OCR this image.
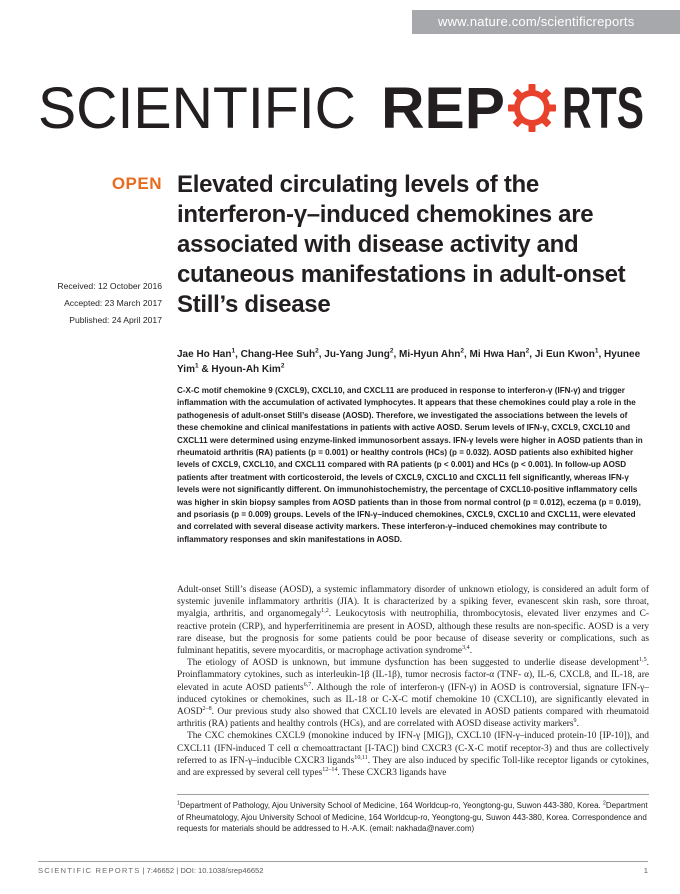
www.nature.com/scientificreports
SCIENTIFIC REP RTS
OPEN Elevated circulating levels of the interferon-γ–induced chemokines are associated with disease activity and cutaneous manifestations in adult-onset Still’s disease
Received: 12 October 2016
Accepted: 23 March 2017
Published: 24 April 2017
Jae Ho Han$^1$, Chang-Hee Suh$^2$, Ju-Yang Jung$^2$, Mi-Hyun Ahn$^2$, Mi Hwa Han$^2$, Ji Eun Kwon$^1$, Hyunee Yim$^1$ & Hyoun-Ah Kim$^2$

C-X-C motif chemokine 9 (CXCL9), CXCL10, and CXCL11 are produced in response to interferon-γ (IFN-γ) and trigger inflammation with the accumulation of activated lymphocytes. It appears that these chemokines could play a role in the pathogenesis of adult-onset Still’s disease (AOSD). Therefore, we investigated the associations between the levels of these chemokine and clinical manifestations in patients with active AOSD. Serum levels of IFN-γ, CXCL9, CXCL10 and CXCL11 were determined using enzyme-linked immunosorbent assays. IFN-γ levels were higher in AOSD patients than in rheumatoid arthritis (RA) patients (p = 0.001) or healthy controls (HCs) (p = 0.032). AOSD patients also exhibited higher levels of CXCL9, CXCL10, and CXCL11 compared with RA patients (p < 0.001) and HCs (p < 0.001). In follow-up AOSD patients after treatment with corticosteroid, the levels of CXCL9, CXCL10 and CXCL11 fell significantly, whereas IFN-γ levels were not significantly different. On immunohistochemistry, the percentage of CXCL10-positive inflammatory cells was higher in skin biopsy samples from AOSD patients than in those from normal control (p = 0.012), eczema (p = 0.019), and psoriasis (p = 0.009) groups. Levels of the IFN-γ–induced chemokines, CXCL9, CXCL10 and CXCL11, were elevated and correlated with several disease activity markers. These interferon-γ–induced chemokines may contribute to inflammatory responses and skin manifestations in AOSD.

Adult-onset Still’s disease (AOSD), a systemic inflammatory disorder of unknown etiology, is considered an adult form of systemic juvenile inflammatory arthritis (JIA). It is characterized by a spiking fever, evanescent skin rash, sore throat, myalgia, arthritis, and organomegaly$^{1,2}$. Leukocytosis with neutrophilia, thrombocytosis, elevated liver enzymes and C-reactive protein (CRP), and hyperferritinemia are present in AOSD, although these results are non-specific. AOSD is a very rare disease, but the prognosis for some patients could be poor because of disease severity or complications, such as fulminant hepatitis, severe myocarditis, or macrophage activation syndrome$^{3,4}$.

The etiology of AOSD is unknown, but immune dysfunction has been suggested to underlie disease development$^{1,5}$. Proinflammatory cytokines, such as interleukin-1β (IL-1β), tumor necrosis factor-α (TNF- α), IL-6, CXCL8, and IL-18, are elevated in acute AOSD patients$^{6,7}$. Although the role of interferon-γ (IFN-γ) in AOSD is controversial, signature IFN-γ–induced cytokines or chemokines, such as IL-18 or C-X-C motif chemokine 10 (CXCL10), are significantly elevated in AOSD$^{2-8}$. Our previous study also showed that CXCL10 levels are elevated in AOSD patients compared with rheumatoid arthritis (RA) patients and healthy controls (HCs), and are correlated with AOSD disease activity markers$^9$.

The CXC chemokines CXCL9 (monokine induced by IFN-γ [MIG]), CXCL10 (IFN-γ–induced protein-10 [IP-10]), and CXCL11 (IFN-induced T cell α chemoattractant [I-TAC]) bind CXCR3 (C-X-C motif receptor-3) and thus are collectively referred to as IFN-γ–inducible CXCR3 ligands$^{10,11}$. They are also induced by specific Toll-like receptor ligands or cytokines, and are expressed by several cell types$^{12-14}$. These CXCR3 ligands have

$^1$Department of Pathology, Ajou University School of Medicine, 164 Worldcup-ro, Yeongtong-gu, Suwon 443-380, Korea. $^2$Department of Rheumatology, Ajou University School of Medicine, 164 Worldcup-ro, Yeongtong-gu, Suwon 443-380, Korea. Correspondence and requests for materials should be addressed to H.-A.K. (email: nakhada@naver.com)
SCIENTIFIC REPORTS | 7:46652 | DOI: 10.1038/srep46652	1
